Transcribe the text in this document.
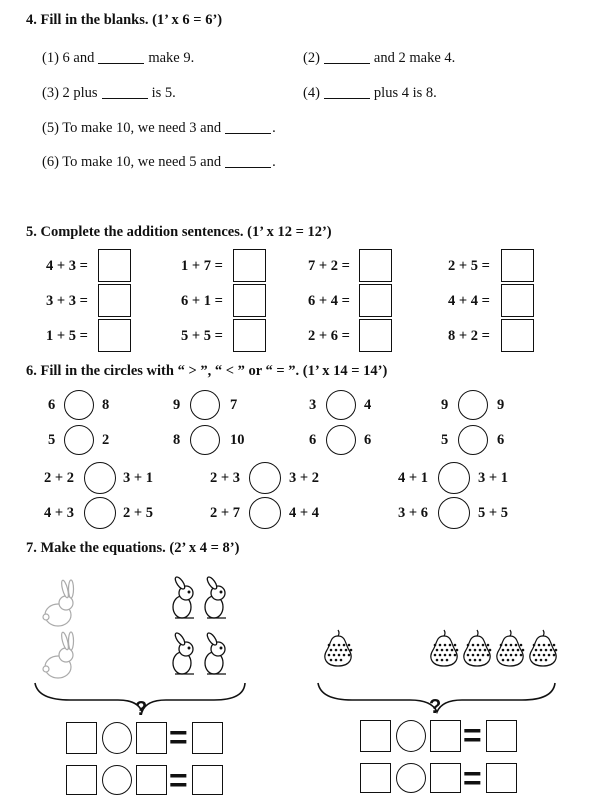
4. Fill in the blanks. (1’ x 6 = 6’)
(1) 6 and	make 9.	(2)	and 2 make 4.
(3) 2 plus	is 5.	(4)	plus 4 is 8.
(5) To make 10, we need 3 and	.
(6) To make 10, we need 5 and	.
5. Complete the addition sentences. (1’ x 12 = 12’)
4 + 3 =	1 + 7 =	7 + 2 =	2 + 5 =
3 + 3 =	6 + 1 =	6 + 4 =	4 + 4 =
1 + 5 =	5 + 5 =	2 + 6 =	8 + 2 =
6. Fill in the circles with “ > ”, “ < ” or “ = ”. (1’ x 14 = 14’)
6	8	9	7	3	4	9	9
5	2	8	10	6	6	5	6
2 + 2	3 + 1	2 + 3	3 + 2	4 + 1	3 + 1
4 + 3	2 + 5	2 + 7	4 + 4	3 + 6	5 + 5
7. Make the equations. (2’ x 4 = 8’)
?	?
=
=
=
=
